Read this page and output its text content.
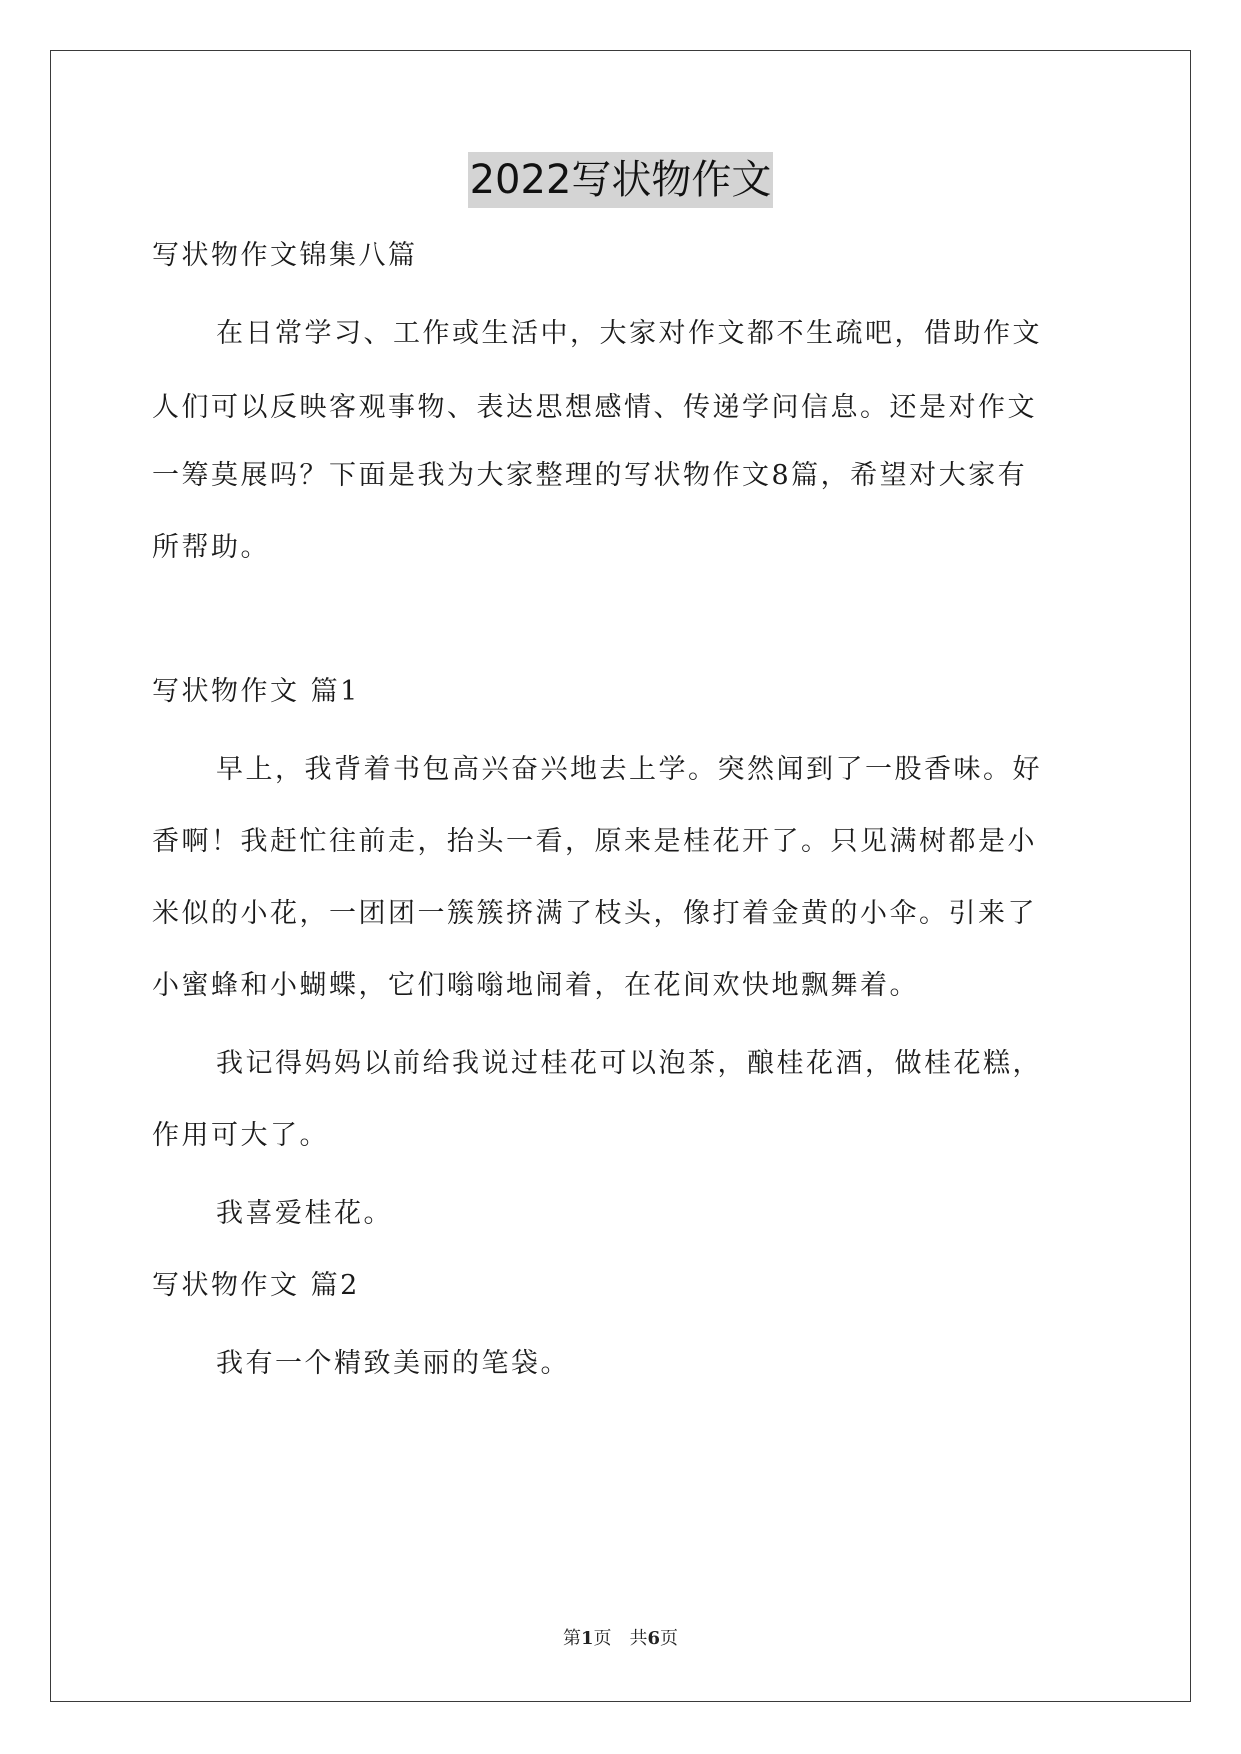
2022写状物作文
写状物作文锦集八篇
在日常学习、工作或生活中，大家对作文都不生疏吧，借助作文
人们可以反映客观事物、表达思想感情、传递学问信息。还是对作文
一筹莫展吗？下面是我为大家整理的写状物作文8篇，希望对大家有
所帮助。
写状物作文 篇1
早上，我背着书包高兴奋兴地去上学。突然闻到了一股香味。好
香啊！我赶忙往前走，抬头一看，原来是桂花开了。只见满树都是小
米似的小花，一团团一簇簇挤满了枝头，像打着金黄的小伞。引来了
小蜜蜂和小蝴蝶，它们嗡嗡地闹着，在花间欢快地飘舞着。
我记得妈妈以前给我说过桂花可以泡茶，酿桂花酒，做桂花糕，
作用可大了。
我喜爱桂花。
写状物作文 篇2
我有一个精致美丽的笔袋。
第1页　共6页
